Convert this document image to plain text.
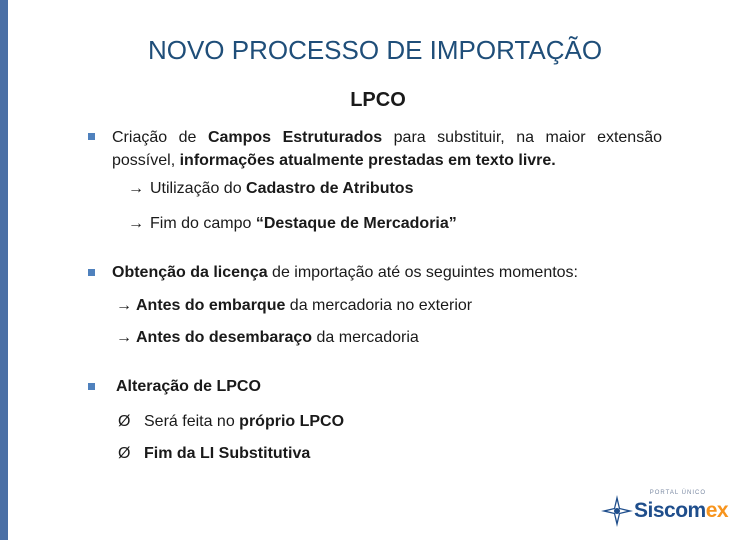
NOVO PROCESSO DE IMPORTAÇÃO
LPCO
Criação de Campos Estruturados para substituir, na maior extensão possível, informações atualmente prestadas em texto livre.
→ Utilização do Cadastro de Atributos
→ Fim do campo “Destaque de Mercadoria”
Obtenção da licença de importação até os seguintes momentos:
→ Antes do embarque da mercadoria no exterior
→ Antes do desembaraço da mercadoria
Alteração de LPCO
Ø Será feita no próprio LPCO
Ø Fim da LI Substitutiva
PORTAL ÚNICO
Siscomex
